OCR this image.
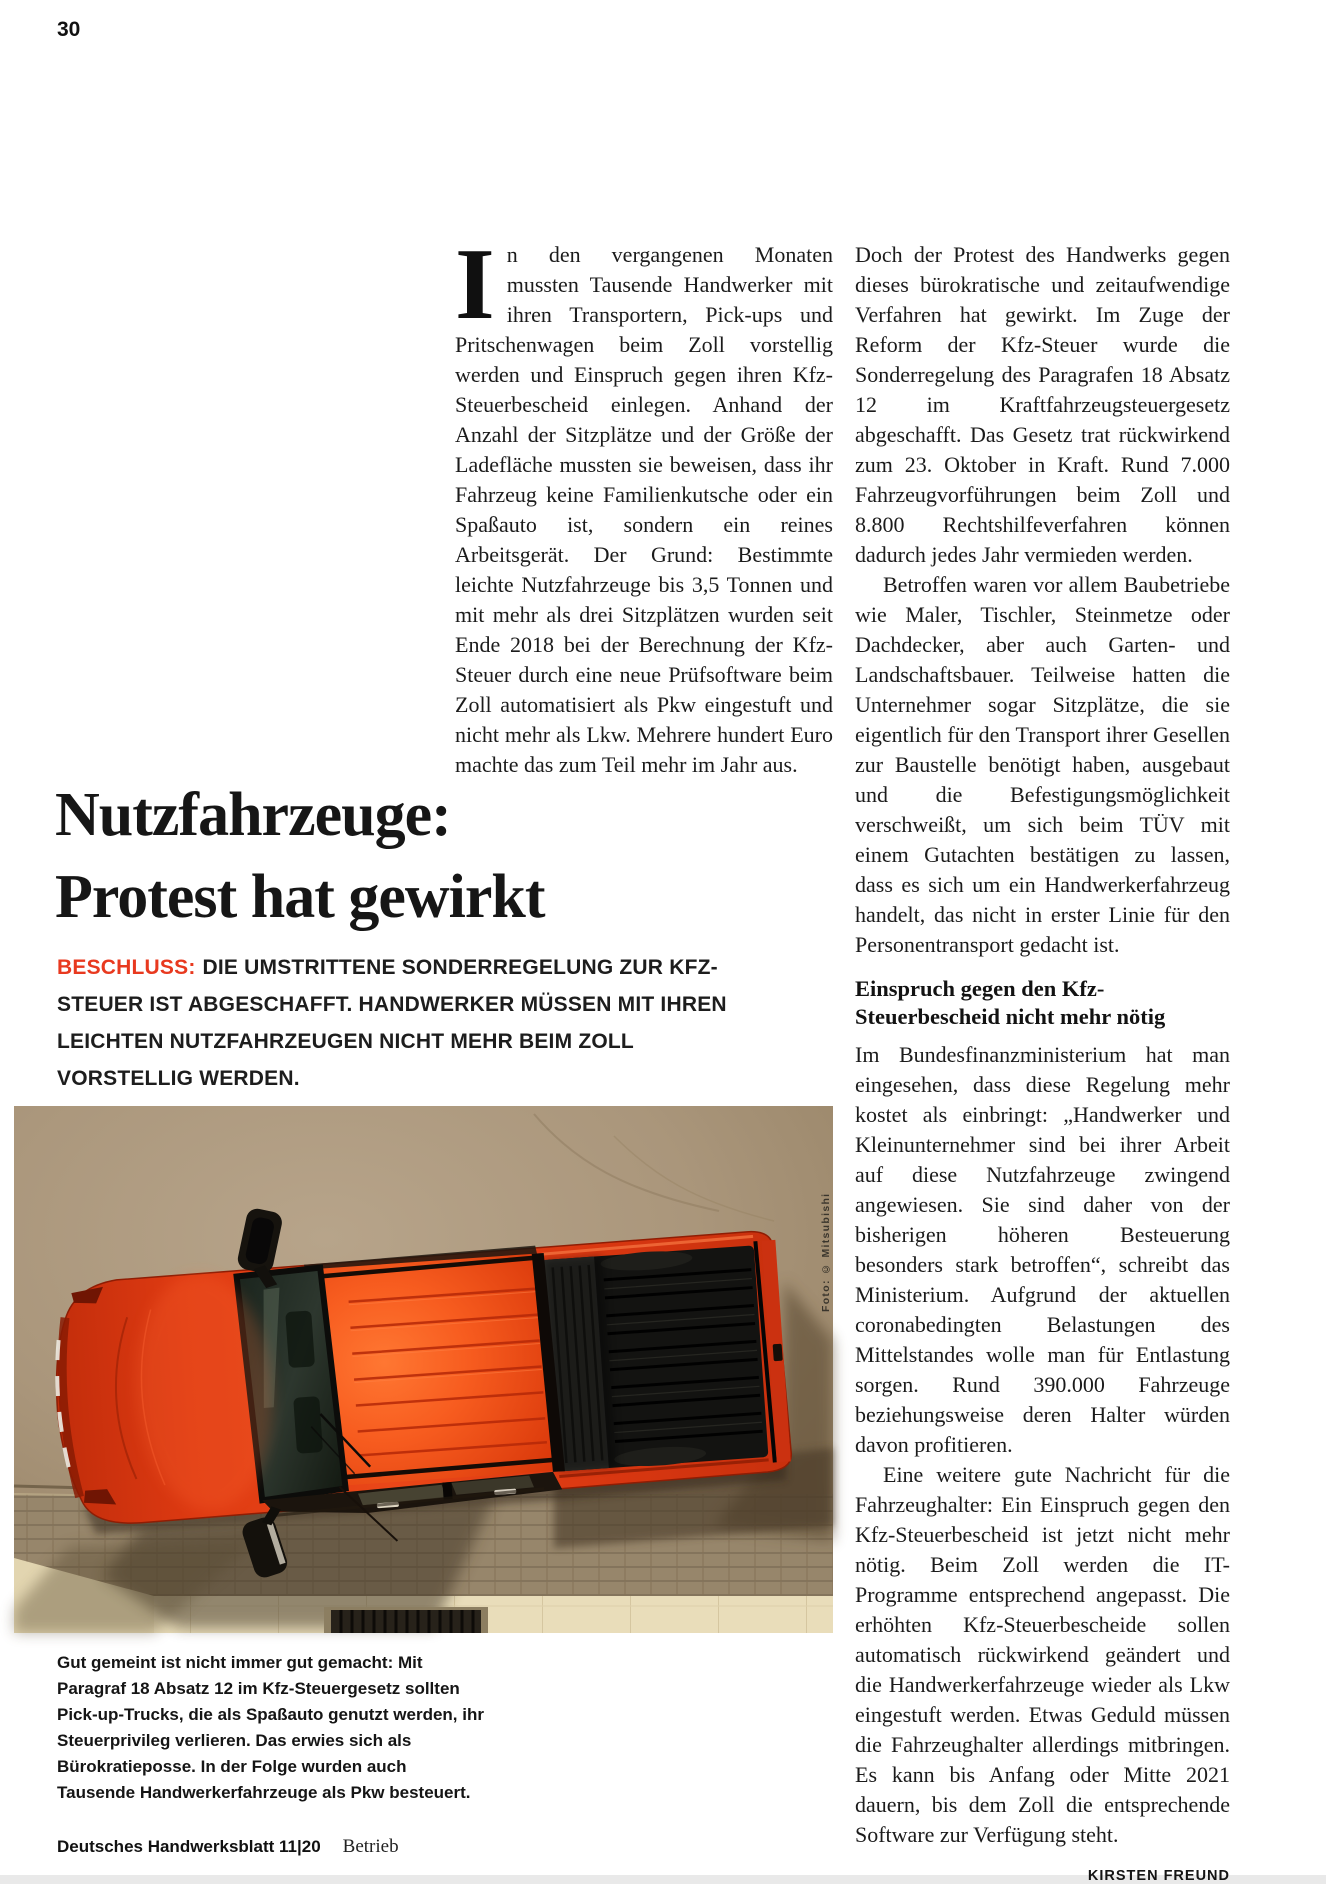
30

In den vergangenen Monaten mussten Tausende Handwerker mit ihren Transportern, Pick-ups und Pritschenwagen beim Zoll vorstellig werden und Einspruch gegen ihren Kfz-Steuerbescheid einlegen. Anhand der Anzahl der Sitzplätze und der Größe der Ladefläche mussten sie beweisen, dass ihr Fahrzeug keine Familienkutsche oder ein Spaßauto ist, sondern ein reines Arbeitsgerät. Der Grund: Bestimmte leichte Nutzfahrzeuge bis 3,5 Tonnen und mit mehr als drei Sitzplätzen wurden seit Ende 2018 bei der Berechnung der Kfz-Steuer durch eine neue Prüfsoftware beim Zoll automatisiert als Pkw eingestuft und nicht mehr als Lkw. Mehrere hundert Euro machte das zum Teil mehr im Jahr aus.

Doch der Protest des Handwerks gegen dieses bürokratische und zeitaufwendige Verfahren hat gewirkt. Im Zuge der Reform der Kfz-Steuer wurde die Sonderregelung des Paragrafen 18 Absatz 12 im Kraftfahrzeugsteuergesetz abgeschafft. Das Gesetz trat rückwirkend zum 23. Oktober in Kraft. Rund 7.000 Fahrzeugvorführungen beim Zoll und 8.800 Rechtshilfeverfahren können dadurch jedes Jahr vermieden werden.

Betroffen waren vor allem Baubetriebe wie Maler, Tischler, Steinmetze oder Dachdecker, aber auch Garten- und Landschaftsbauer. Teilweise hatten die Unternehmer sogar Sitzplätze, die sie eigentlich für den Transport ihrer Gesellen zur Baustelle benötigt haben, ausgebaut und die Befestigungsmöglichkeit verschweißt, um sich beim TÜV mit einem Gutachten bestätigen zu lassen, dass es sich um ein Handwerkerfahrzeug handelt, das nicht in erster Linie für den Personentransport gedacht ist.

Einspruch gegen den Kfz-Steuerbescheid nicht mehr nötig

Im Bundesfinanzministerium hat man eingesehen, dass diese Regelung mehr kostet als einbringt: „Handwerker und Kleinunternehmer sind bei ihrer Arbeit auf diese Nutzfahrzeuge zwingend angewiesen. Sie sind daher von der bisherigen höheren Besteuerung besonders stark betroffen“, schreibt das Ministerium. Aufgrund der aktuellen coronabedingten Belastungen des Mittelstandes wolle man für Entlastung sorgen. Rund 390.000 Fahrzeuge beziehungsweise deren Halter würden davon profitieren.

Eine weitere gute Nachricht für die Fahrzeughalter: Ein Einspruch gegen den Kfz-Steuerbescheid ist jetzt nicht mehr nötig. Beim Zoll werden die IT-Programme entsprechend angepasst. Die erhöhten Kfz-Steuerbescheide sollen automatisch rückwirkend geändert und die Handwerkerfahrzeuge wieder als Lkw eingestuft werden. Etwas Geduld müssen die Fahrzeughalter allerdings mitbringen. Es kann bis Anfang oder Mitte 2021 dauern, bis dem Zoll die entsprechende Software zur Verfügung steht.

KIRSTEN FREUND
Nutzfahrzeuge:
Protest hat gewirkt
BESCHLUSS: DIE UMSTRITTENE SONDERREGELUNG ZUR KFZ-STEUER IST ABGESCHAFFT. HANDWERKER MÜSSEN MIT IHREN LEICHTEN NUTZFAHRZEUGEN NICHT MEHR BEIM ZOLL VORSTELLIG WERDEN.
Foto: © Mitsubishi
Gut gemeint ist nicht immer gut gemacht: Mit Paragraf 18 Absatz 12 im Kfz-Steuergesetz sollten Pick-up-Trucks, die als Spaßauto genutzt werden, ihr Steuerprivileg verlieren. Das erwies sich als Bürokratieposse. In der Folge wurden auch Tausende Handwerkerfahrzeuge als Pkw besteuert.
Deutsches Handwerksblatt 11|20 Betrieb
